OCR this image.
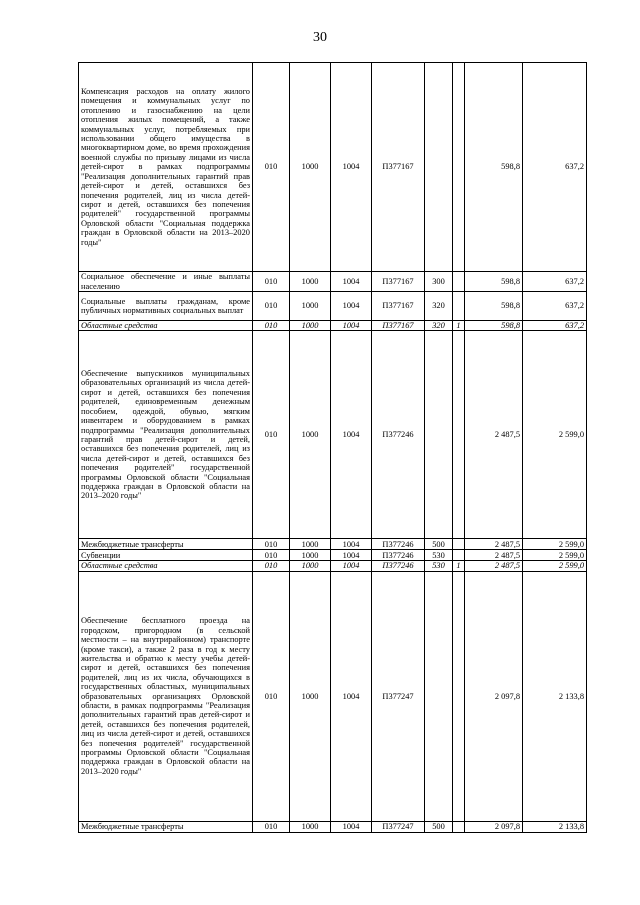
30
Компенсация расходов на оплату жилого помещения и коммунальных услуг по отоплению и газоснабжению на цели отопления жилых помещений, а также коммунальных услуг, потребляемых при использовании общего имущества в многоквартирном доме, во время прохождения военной службы по призыву лицами из числа детей-сирот в рамках подпрограммы "Реализация дополнительных гарантий прав детей-сирот и детей, оставшихся без попечения родителей, лиц из числа детей-сирот и детей, оставшихся без попечения родителей" государственной программы Орловской области "Социальная поддержка граждан в Орловской области на 2013–2020 годы"	010	1000	1004	П377167			598,8	637,2
Социальное обеспечение и иные выплаты населению	010	1000	1004	П377167	300		598,8	637,2
Социальные выплаты гражданам, кроме публичных нормативных социальных выплат	010	1000	1004	П377167	320		598,8	637,2
Областные средства	010	1000	1004	П377167	320	1	598,8	637,2
Обеспечение выпускников муниципальных образовательных организаций из числа детей-сирот и детей, оставшихся без попечения родителей, единовременным денежным пособием, одеждой, обувью, мягким инвентарем и оборудованием в рамках подпрограммы "Реализация дополнительных гарантий прав детей-сирот и детей, оставшихся без попечения родителей, лиц из числа детей-сирот и детей, оставшихся без попечения родителей" государственной программы Орловской области "Социальная поддержка граждан в Орловской области на 2013–2020 годы"	010	1000	1004	П377246			2 487,5	2 599,0
Межбюджетные трансферты	010	1000	1004	П377246	500		2 487,5	2 599,0
Субвенции	010	1000	1004	П377246	530		2 487,5	2 599,0
Областные средства	010	1000	1004	П377246	530	1	2 487,5	2 599,0
Обеспечение бесплатного проезда на городском, пригородном (в сельской местности – на внутрирайонном) транспорте (кроме такси), а также 2 раза в год к месту жительства и обратно к месту учебы детей-сирот и детей, оставшихся без попечения родителей, лиц из их числа, обучающихся в государственных областных, муниципальных образовательных организациях Орловской области, в рамках подпрограммы "Реализация дополнительных гарантий прав детей-сирот и детей, оставшихся без попечения родителей, лиц из числа детей-сирот и детей, оставшихся без попечения родителей" государственной программы Орловской области "Социальная поддержка граждан в Орловской области на 2013–2020 годы"	010	1000	1004	П377247			2 097,8	2 133,8
Межбюджетные трансферты	010	1000	1004	П377247	500		2 097,8	2 133,8
